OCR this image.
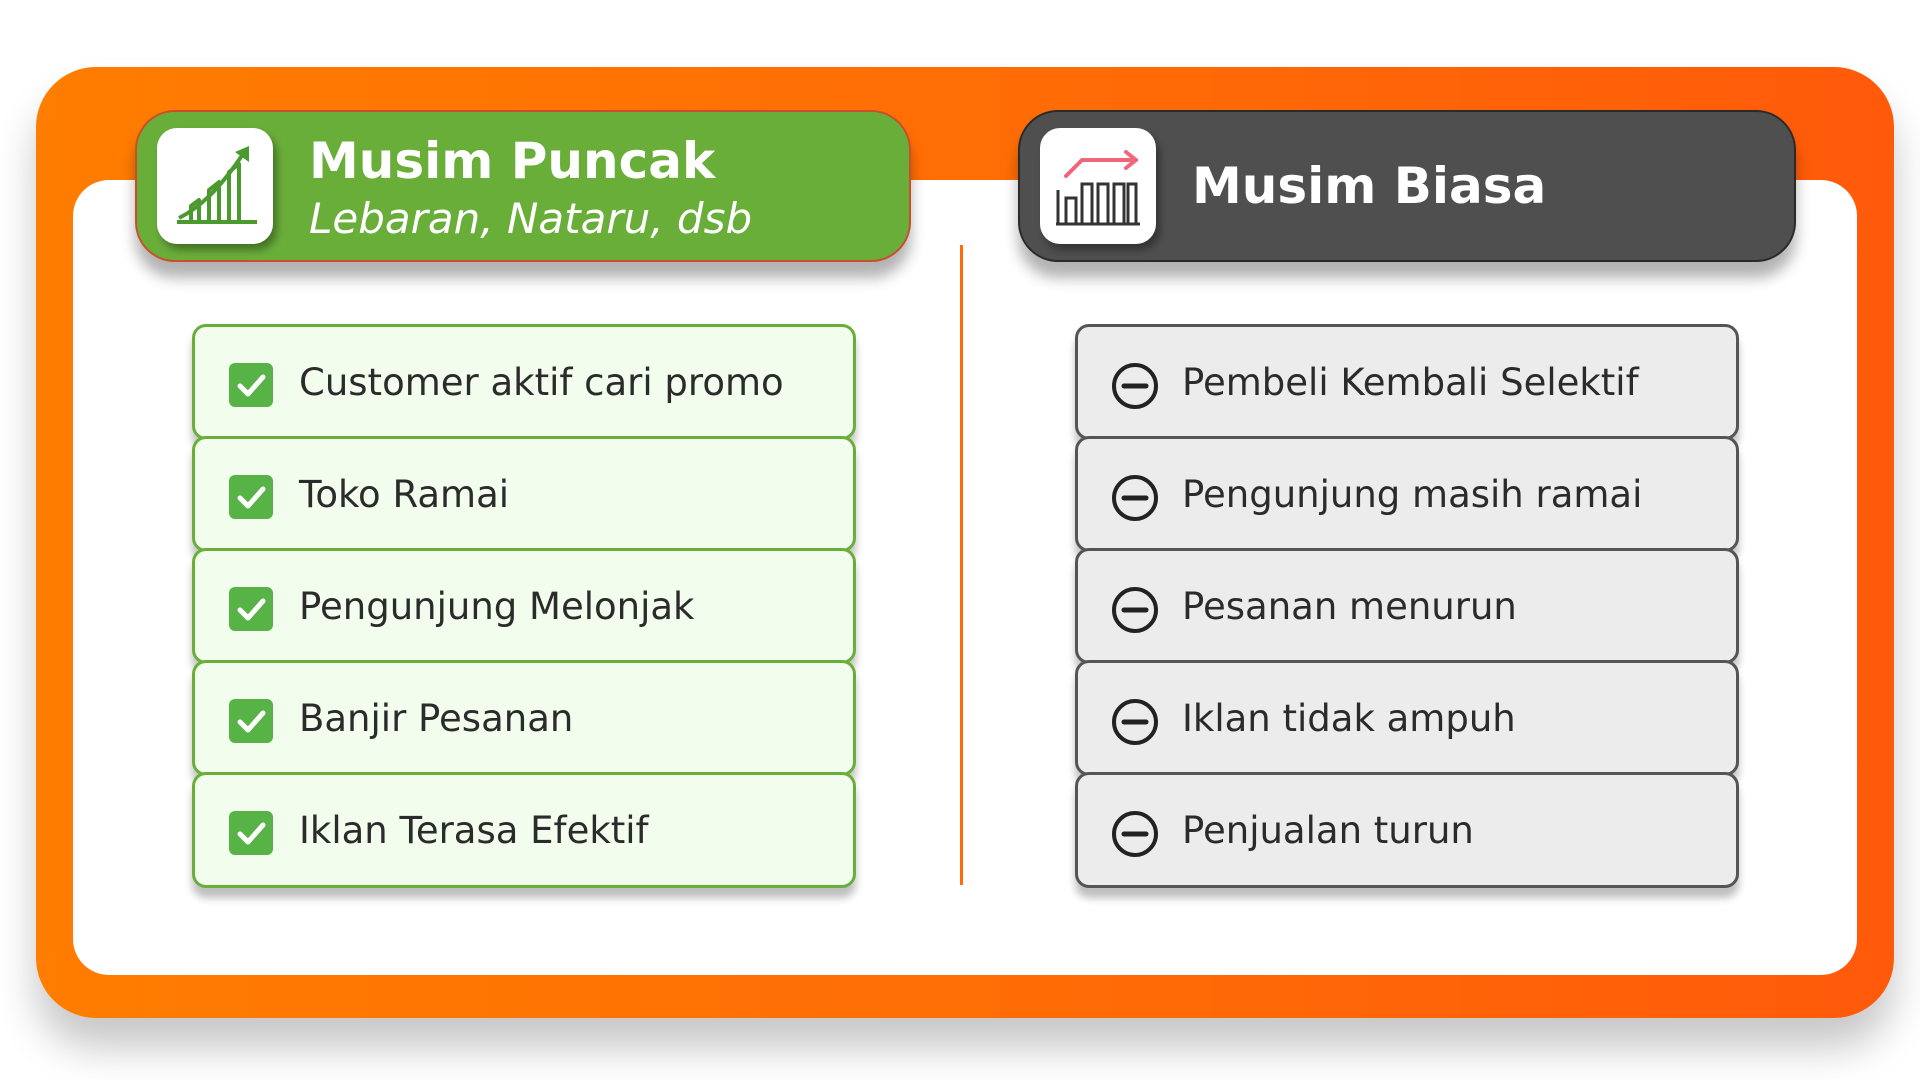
Musim Puncak
Lebaran, Nataru, dsb
Musim Biasa
Customer aktif cari promo
Toko Ramai
Pengunjung Melonjak
Banjir Pesanan
Iklan Terasa Efektif
Pembeli Kembali Selektif
Pengunjung masih ramai
Pesanan menurun
Iklan tidak ampuh
Penjualan turun
